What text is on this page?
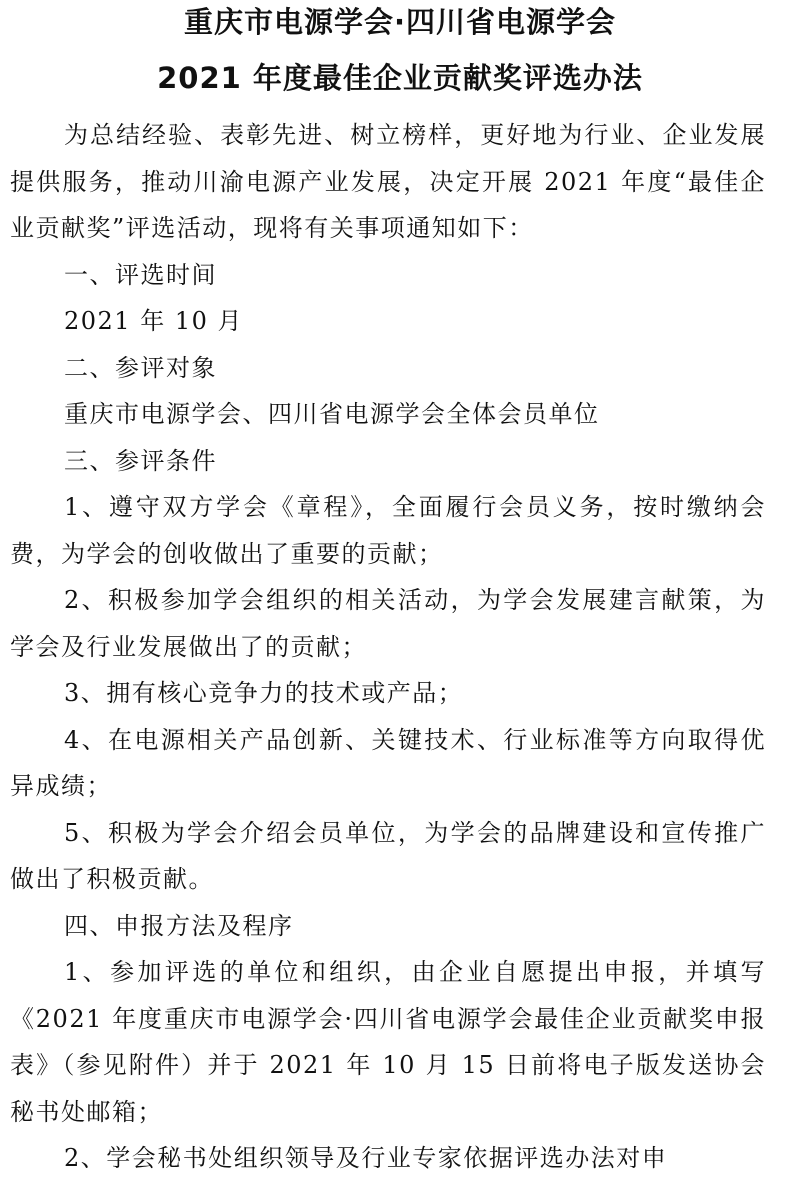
重庆市电源学会·四川省电源学会
2021 年度最佳企业贡献奖评选办法

为总结经验、表彰先进、树立榜样，更好地为行业、企业发展提供服务，推动川渝电源产业发展，决定开展 2021 年度“最佳企业贡献奖”评选活动，现将有关事项通知如下：

一、评选时间

2021 年 10 月

二、参评对象

重庆市电源学会、四川省电源学会全体会员单位

三、参评条件

1、遵守双方学会《章程》，全面履行会员义务，按时缴纳会费，为学会的创收做出了重要的贡献；

2、积极参加学会组织的相关活动，为学会发展建言献策，为学会及行业发展做出了的贡献；

3、拥有核心竞争力的技术或产品；

4、在电源相关产品创新、关键技术、行业标准等方向取得优异成绩；

5、积极为学会介绍会员单位，为学会的品牌建设和宣传推广做出了积极贡献。

四、申报方法及程序

1、参加评选的单位和组织，由企业自愿提出申报，并填写《2021 年度重庆市电源学会·四川省电源学会最佳企业贡献奖申报表》（参见附件）并于 2021 年 10 月 15 日前将电子版发送协会秘书处邮箱；

2、学会秘书处组织领导及行业专家依据评选办法对申
